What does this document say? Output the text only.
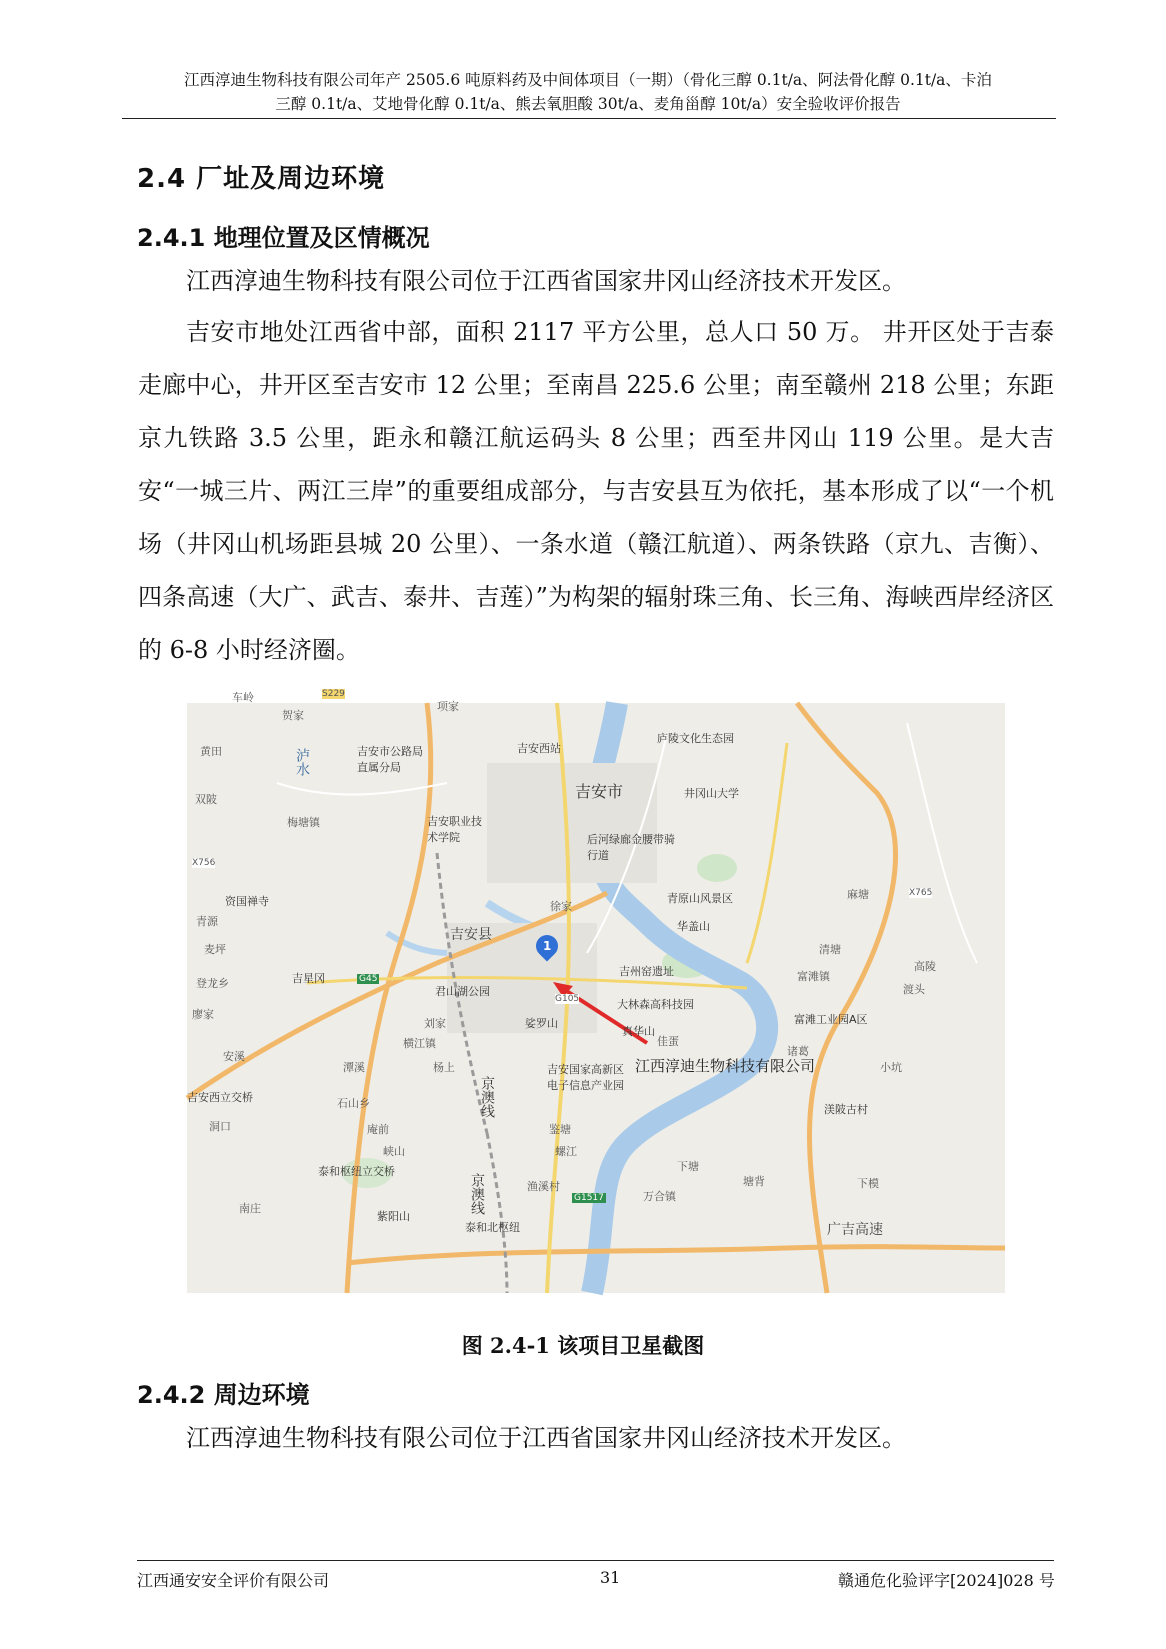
江西淳迪生物科技有限公司年产 2505.6 吨原料药及中间体项目（一期）（骨化三醇 0.1t/a、阿法骨化醇 0.1t/a、卡泊
三醇 0.1t/a、艾地骨化醇 0.1t/a、熊去氧胆酸 30t/a、麦角甾醇 10t/a）安全验收评价报告
2.4 厂址及周边环境
2.4.1 地理位置及区情概况

江西淳迪生物科技有限公司位于江西省国家井冈山经济技术开发区。

吉安市地处江西省中部，面积 2117 平方公里，总人口 50 万。 井开区处于吉泰走廊中心，井开区至吉安市 12 公里；至南昌 225.6 公里；南至赣州 218 公里；东距京九铁路 3.5 公里，距永和赣江航运码头 8 公里；西至井冈山 119 公里。是大吉安“一城三片、两江三岸”的重要组成部分，与吉安县互为依托，基本形成了以“一个机场（井冈山机场距县城 20 公里）、一条水道（赣江航道）、两条铁路（京九、吉衡）、四条高速（大广、武吉、泰井、吉莲）”为构架的辐射珠三角、长三角、海峡西岸经济区的 6-8 小时经济圈。

1
吉安市
吉安县
江西淳迪生物科技有限公司
吉安市公路局直属分局
吉安西站
庐陵文化生态园
井冈山大学
吉安职业技术学院	后河绿廊金腰带骑行道
青原山风景区
华盖山
吉州窑遗址
大林森高科技园
君山湖公园
娑罗山
真华山
吉安国家高新区电子信息产业园
富滩工业园A区
渼陂古村
资国禅寺
吉星冈
紫阳山
吉安西立交桥
泰和枢纽立交桥
泰和北枢纽	广吉高速
京澳线
京澳线
泸水
车岭
贺家
项家
黄田
双陂
梅塘镇
青源
麦坪
登龙乡
廖家
安溪
潭溪
石山乡
横江镇
刘家
杨上
徐家
富滩镇
麻塘
清塘
高陵
渡头
小坑
南庄
下模
万合镇
塘背
下塘
螺江
渔溪村
诸葛
佳蛋
鉴塘
庵前
峡山
洞口
G105
G45
G1517
X756
X765
S229
图 2.4-1 该项目卫星截图
2.4.2 周边环境

江西淳迪生物科技有限公司位于江西省国家井冈山经济技术开发区。

江西通安安全评价有限公司	31	赣通危化验评字[2024]028 号
